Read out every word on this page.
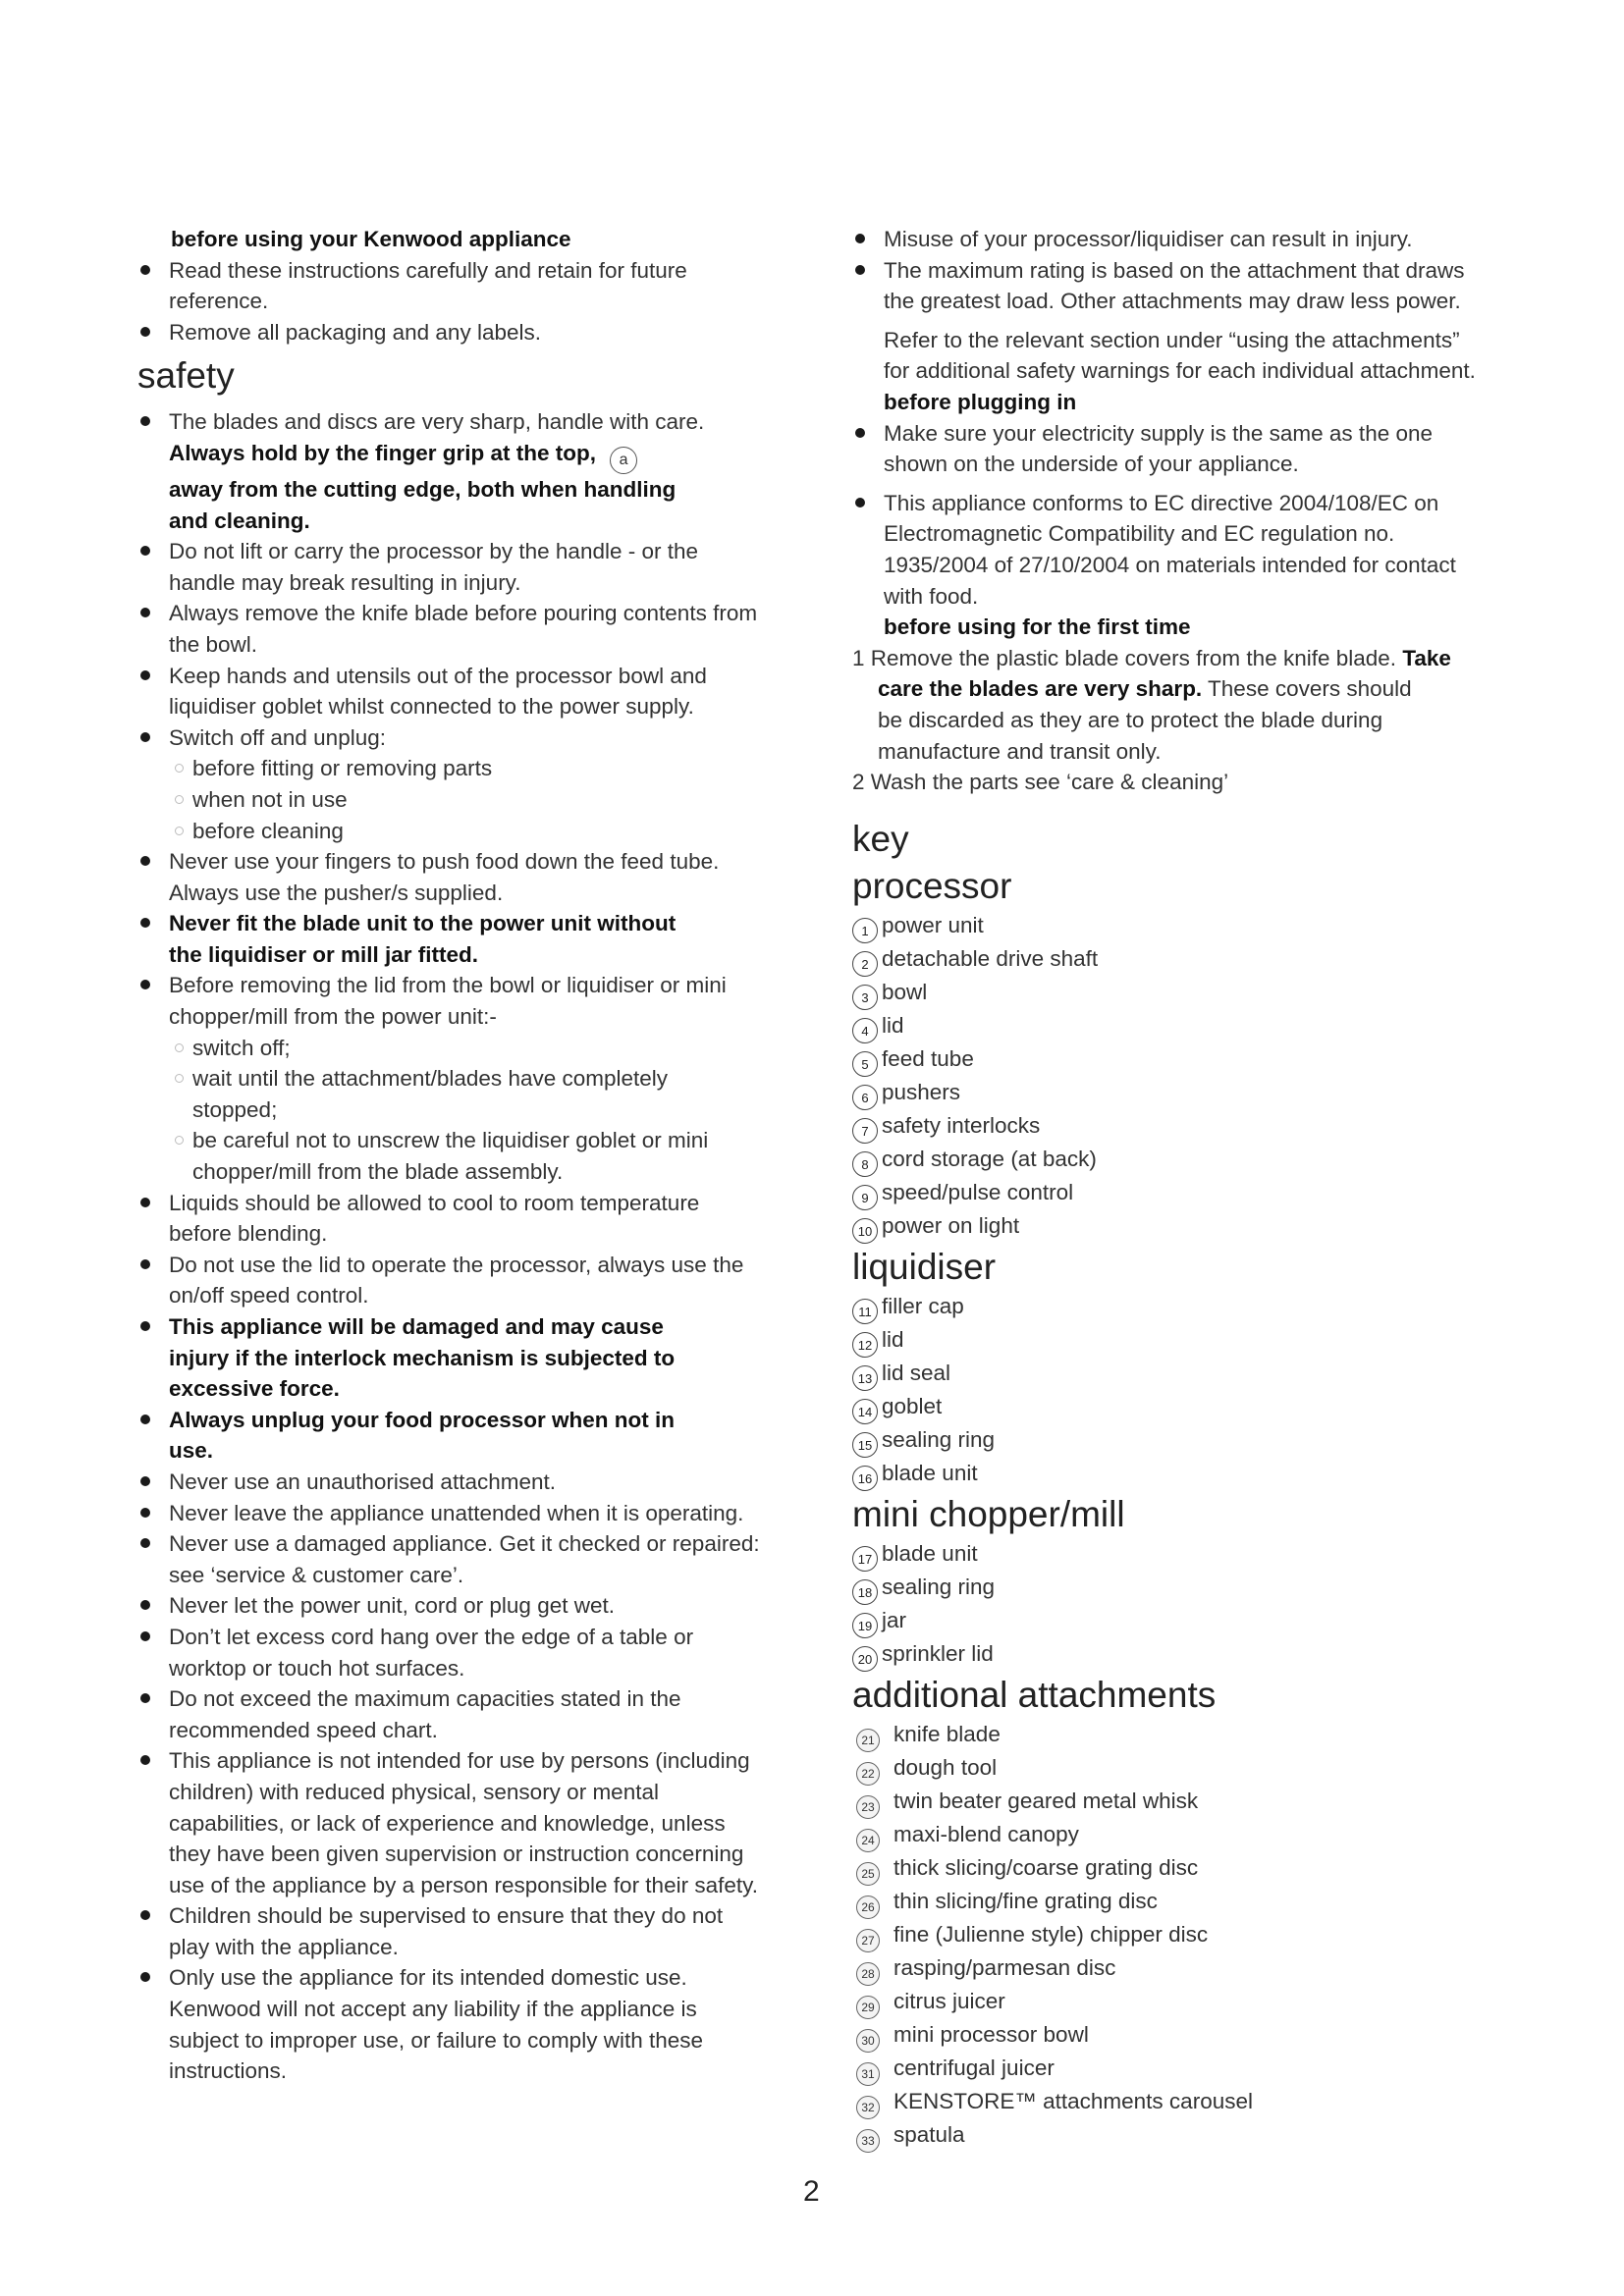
before using your Kenwood appliance
Read these instructions carefully and retain for future
reference.
Remove all packaging and any labels.
safety
The blades and discs are very sharp, handle with care.
Always hold by the finger grip at the top, a
away from the cutting edge, both when handling
and cleaning.
Do not lift or carry the processor by the handle - or the
handle may break resulting in injury.
Always remove the knife blade before pouring contents from
the bowl.
Keep hands and utensils out of the processor bowl and
liquidiser goblet whilst connected to the power supply.
Switch off and unplug:
before fitting or removing parts
when not in use
before cleaning
Never use your fingers to push food down the feed tube.
Always use the pusher/s supplied.
Never fit the blade unit to the power unit without
the liquidiser or mill jar fitted.
Before removing the lid from the bowl or liquidiser or mini
chopper/mill from the power unit:-
switch off;
wait until the attachment/blades have completely
stopped;
be careful not to unscrew the liquidiser goblet or mini
chopper/mill from the blade assembly.
Liquids should be allowed to cool to room temperature
before blending.
Do not use the lid to operate the processor, always use the
on/off speed control.
This appliance will be damaged and may cause
injury if the interlock mechanism is subjected to
excessive force.
Always unplug your food processor when not in
use.
Never use an unauthorised attachment.
Never leave the appliance unattended when it is operating.
Never use a damaged appliance. Get it checked or repaired:
see ‘service & customer care’.
Never let the power unit, cord or plug get wet.
Don’t let excess cord hang over the edge of a table or
worktop or touch hot surfaces.
Do not exceed the maximum capacities stated in the
recommended speed chart.
This appliance is not intended for use by persons (including
children) with reduced physical, sensory or mental
capabilities, or lack of experience and knowledge, unless
they have been given supervision or instruction concerning
use of the appliance by a person responsible for their safety.
Children should be supervised to ensure that they do not
play with the appliance.
Only use the appliance for its intended domestic use.
Kenwood will not accept any liability if the appliance is
subject to improper use, or failure to comply with these
instructions.
Misuse of your processor/liquidiser can result in injury.
The maximum rating is based on the attachment that draws
the greatest load. Other attachments may draw less power.
Refer to the relevant section under “using the attachments”
for additional safety warnings for each individual attachment.
before plugging in
Make sure your electricity supply is the same as the one
shown on the underside of your appliance.
This appliance conforms to EC directive 2004/108/EC on
Electromagnetic Compatibility and EC regulation no.
1935/2004 of 27/10/2004 on materials intended for contact
with food.
before using for the first time
1 Remove the plastic blade covers from the knife blade. Take
care the blades are very sharp. These covers should
be discarded as they are to protect the blade during
manufacture and transit only.
2 Wash the parts see ‘care & cleaning’
key
processor
1 power unit
2 detachable drive shaft
3 bowl
4 lid
5 feed tube
6 pushers
7 safety interlocks
8 cord storage (at back)
9 speed/pulse control
10 power on light
liquidiser
11 filler cap
12 lid
13 lid seal
14 goblet
15 sealing ring
16 blade unit
mini chopper/mill
17 blade unit
18 sealing ring
19 jar
20 sprinkler lid
additional attachments
21 knife blade
22 dough tool
23 twin beater geared metal whisk
24 maxi-blend canopy
25 thick slicing/coarse grating disc
26 thin slicing/fine grating disc
27 fine (Julienne style) chipper disc
28 rasping/parmesan disc
29 citrus juicer
30 mini processor bowl
31 centrifugal juicer
32 KENSTORE™ attachments carousel
33 spatula
2
